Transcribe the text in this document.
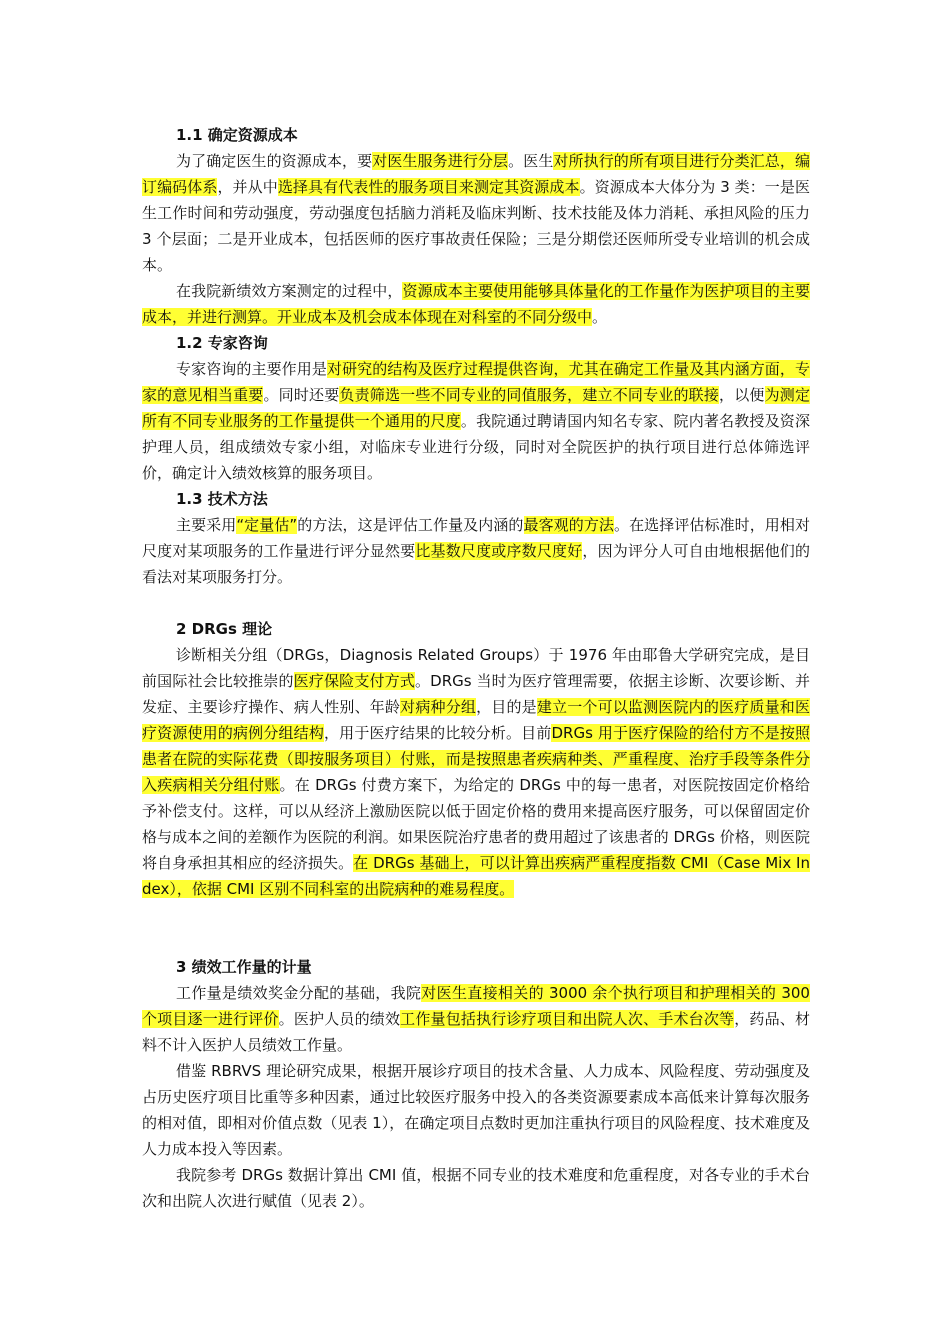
1.1 确定资源成本

为了确定医生的资源成本，要对医生服务进行分层。医生对所执行的所有项目进行分类汇总，编订编码体系，并从中选择具有代表性的服务项目来测定其资源成本。资源成本大体分为 3 类：一是医生工作时间和劳动强度，劳动强度包括脑力消耗及临床判断、技术技能及体力消耗、承担风险的压力 3 个层面；二是开业成本，包括医师的医疗事故责任保险；三是分期偿还医师所受专业培训的机会成本。

在我院新绩效方案测定的过程中，资源成本主要使用能够具体量化的工作量作为医护项目的主要成本，并进行测算。开业成本及机会成本体现在对科室的不同分级中。

1.2 专家咨询

专家咨询的主要作用是对研究的结构及医疗过程提供咨询，尤其在确定工作量及其内涵方面，专家的意见相当重要。同时还要负责筛选一些不同专业的同值服务，建立不同专业的联接，以便为测定所有不同专业服务的工作量提供一个通用的尺度。我院通过聘请国内知名专家、院内著名教授及资深护理人员，组成绩效专家小组，对临床专业进行分级，同时对全院医护的执行项目进行总体筛选评价，确定计入绩效核算的服务项目。

1.3 技术方法

主要采用“定量估”的方法，这是评估工作量及内涵的最客观的方法。在选择评估标准时，用相对尺度对某项服务的工作量进行评分显然要比基数尺度或序数尺度好，因为评分人可自由地根据他们的看法对某项服务打分。

2 DRGs 理论

诊断相关分组（DRGs，Diagnosis Related Groups）于 1976 年由耶鲁大学研究完成，是目前国际社会比较推崇的医疗保险支付方式。DRGs 当时为医疗管理需要，依据主诊断、次要诊断、并发症、主要诊疗操作、病人性别、年龄对病种分组，目的是建立一个可以监测医院内的医疗质量和医疗资源使用的病例分组结构，用于医疗结果的比较分析。目前DRGs 用于医疗保险的给付方不是按照患者在院的实际花费（即按服务项目）付账，而是按照患者疾病种类、严重程度、治疗手段等条件分入疾病相关分组付账。在 DRGs 付费方案下，为给定的 DRGs 中的每一患者，对医院按固定价格给予补偿支付。这样，可以从经济上激励医院以低于固定价格的费用来提高医疗服务，可以保留固定价格与成本之间的差额作为医院的利润。如果医院治疗患者的费用超过了该患者的 DRGs 价格，则医院将自身承担其相应的经济损失。在 DRGs 基础上，可以计算出疾病严重程度指数 CMI（Case Mix Index），依据 CMI 区别不同科室的出院病种的难易程度。

3 绩效工作量的计量

工作量是绩效奖金分配的基础，我院对医生直接相关的 3000 余个执行项目和护理相关的 300 个项目逐一进行评价。医护人员的绩效工作量包括执行诊疗项目和出院人次、手术台次等，药品、材料不计入医护人员绩效工作量。

借鉴 RBRVS 理论研究成果，根据开展诊疗项目的技术含量、人力成本、风险程度、劳动强度及占历史医疗项目比重等多种因素，通过比较医疗服务中投入的各类资源要素成本高低来计算每次服务的相对值，即相对价值点数（见表 1），在确定项目点数时更加注重执行项目的风险程度、技术难度及人力成本投入等因素。

我院参考 DRGs 数据计算出 CMI 值，根据不同专业的技术难度和危重程度，对各专业的手术台次和出院人次进行赋值（见表 2）。
